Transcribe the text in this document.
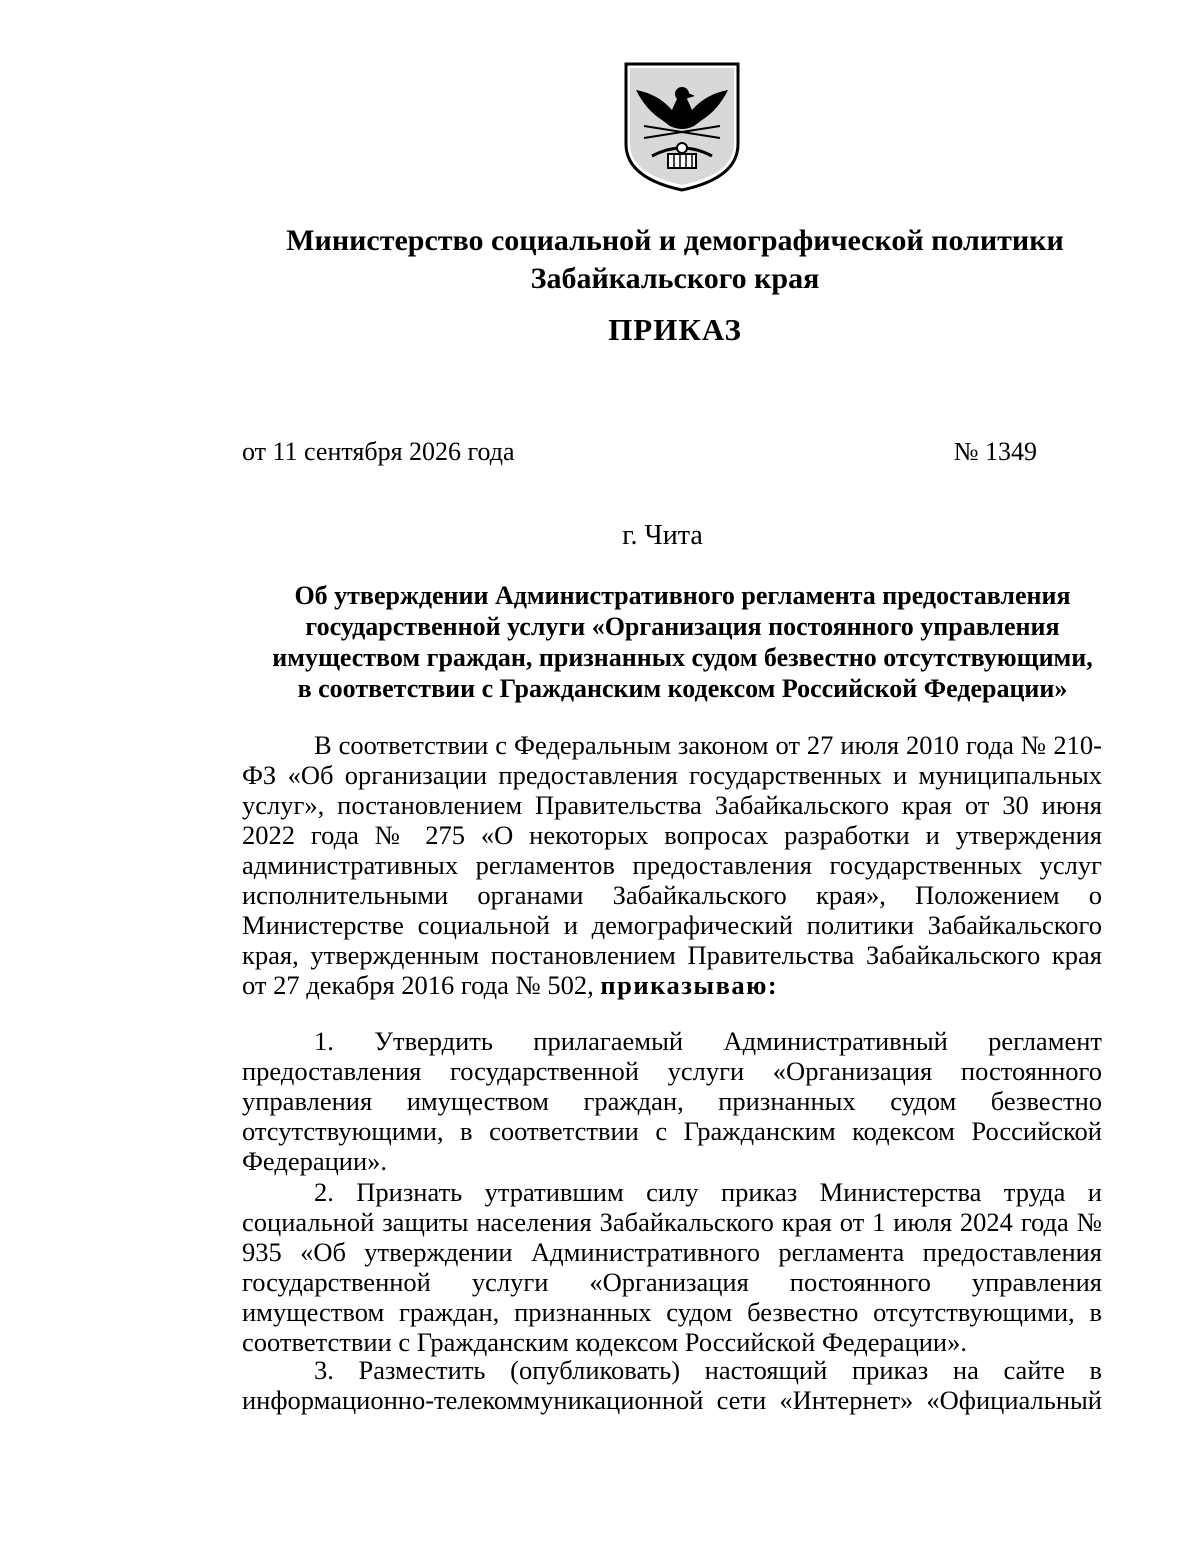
Министерство социальной и демографической политики
Забайкальского края
ПРИКАЗ
от 11 сентября 2026 года	№ 1349
г. Чита
Об утверждении Административного регламента предоставления
государственной услуги «Организация постоянного управления
имуществом граждан, признанных судом безвестно отсутствующими,
в соответствии с Гражданским кодексом Российской Федерации»
В соответствии с Федеральным законом от 27 июля 2010 года № 210-ФЗ «Об организации предоставления государственных и муниципальных услуг», постановлением Правительства Забайкальского края от 30 июня 2022 года № 275 «О некоторых вопросах разработки и утверждения административных регламентов предоставления государственных услуг исполнительными органами Забайкальского края», Положением о Министерстве социальной и демографический политики Забайкальского края, утвержденным постановлением Правительства Забайкальского края от 27 декабря 2016 года № 502, приказываю:
1. Утвердить прилагаемый Административный регламент предоставления государственной услуги «Организация постоянного управления имуществом граждан, признанных судом безвестно отсутствующими, в соответствии с Гражданским кодексом Российской Федерации».
2. Признать утратившим силу приказ Министерства труда и социальной защиты населения Забайкальского края от 1 июля 2024 года № 935 «Об утверждении Административного регламента предоставления государственной услуги «Организация постоянного управления имуществом граждан, признанных судом безвестно отсутствующими, в соответствии с Гражданским кодексом Российской Федерации».
3. Разместить (опубликовать) настоящий приказ на сайте в информационно-телекоммуникационной сети «Интернет» «Официальный
